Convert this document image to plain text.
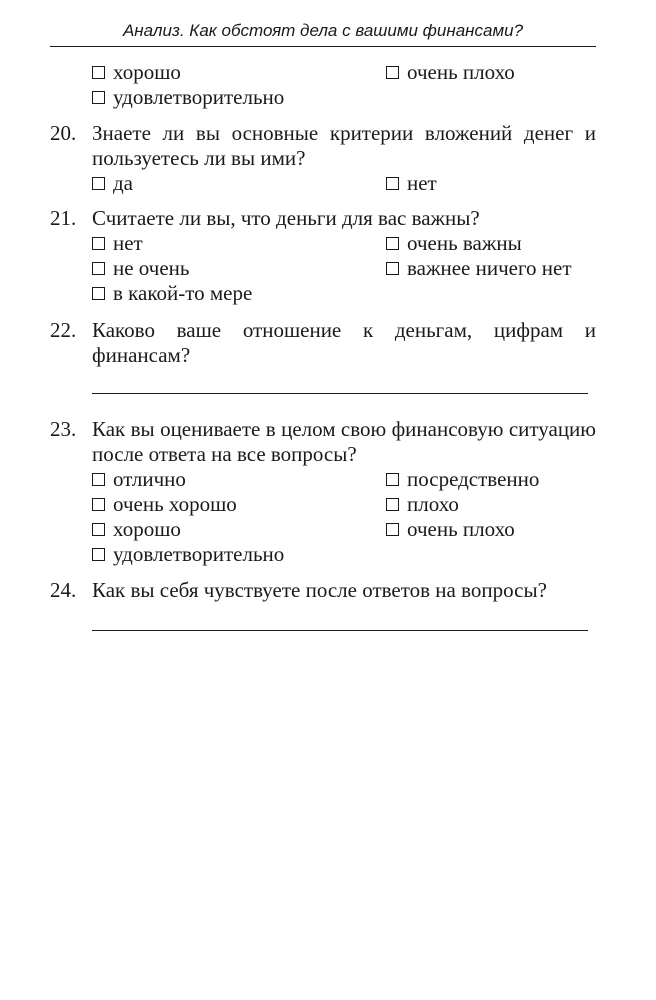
Анализ. Как обстоят дела с вашими финансами?
хорошо	очень плохо
удовлетворительно
20. Знаете ли вы основные критерии вложений денег и пользуетесь ли вы ими?
да	нет
21. Считаете ли вы, что деньги для вас важны?
нет	очень важны
не очень	важнее ничего нет
в какой-то мере
22. Каково ваше отношение к деньгам, цифрам и финансам?
23. Как вы оцениваете в целом свою финансовую ситуацию после ответа на все вопросы?
отлично	посредственно
очень хорошо	плохо
хорошо	очень плохо
удовлетворительно
24. Как вы себя чувствуете после ответов на вопросы?
